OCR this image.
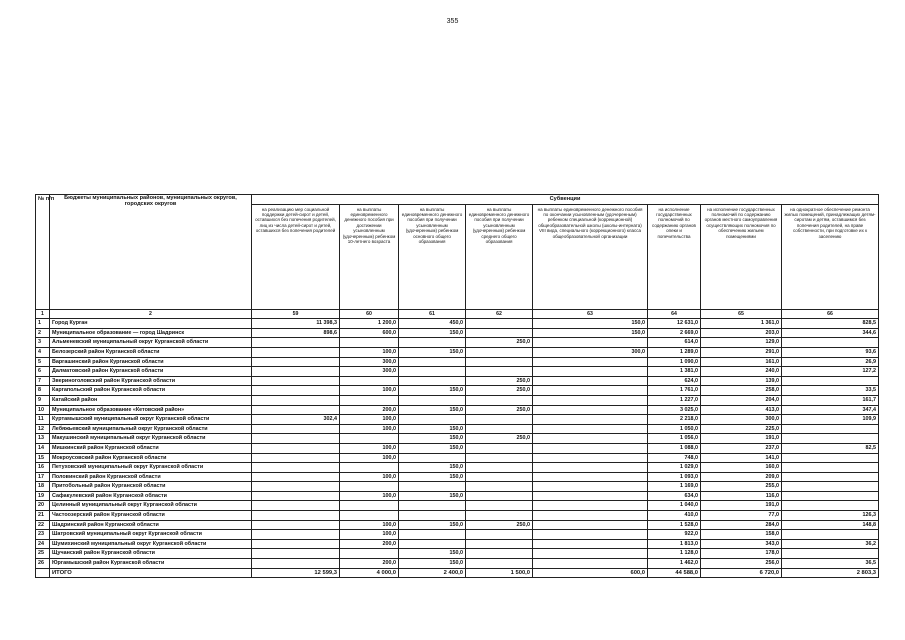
355
№ п/п	Бюджеты муниципальных районов, муниципальных округов, городских округов	Субвенции							
		на реализацию мер социальной поддержки детей-сирот и детей, оставшихся без попечения родителей, лиц из числа детей-сирот и детей, оставшихся без попечения родителей	на выплаты единовременного денежного пособия при достижении усыновленным (удочеренным) ребенком 10-летнего возраста	на выплаты единовременного денежного пособия при получении усыновленным (удочеренным) ребенком основного общего образования	на выплаты единовременного денежного пособия при получении усыновленным (удочеренным) ребенком среднего общего образования	на выплаты единовременного денежного пособия по окончании усыновленным (удочеренным) ребенком специальной (коррекционной) общеобразовательной школы (школы-интерната) VIII вида, специального (коррекционного) класса общеобразовательной организации	на исполнение государственных полномочий по содержанию органов опеки и попечительства	на исполнение государственных полномочий по содержанию органов местного самоуправления осуществляющих полномочия по обеспечению жильем помещениями	на однократное обеспечение ремонта жилых помещений, принадлежащих детям-сиротам и детям, оставшимся без попечения родителей, на праве собственности, при подготовке их к заселению
1	2	59	60	61	62	63	64	65	66
1	Город Курган	11 398,3	1 200,0	450,0		150,0	12 631,0	1 361,0	828,5
2	Муниципальное образование — город Шадринск	898,6	600,0	150,0		150,0	2 669,0	203,0	344,6
3	Альменевский муниципальный округ Курганской области				250,0		614,0	129,0	
4	Белозерский район Курганской области		100,0	150,0		300,0	1 289,0	291,0	93,6
5	Варгашинский район Курганской области		300,0				1 090,0	161,0	26,9
6	Далматовский район Курганской области		300,0				1 381,0	240,0	127,2
7	Звериноголовский район Курганской области				250,0		624,0	139,0	
8	Каргапольский район Курганской области		100,0	150,0	250,0		1 761,0	258,0	33,5
9	Катайский район						1 227,0	204,0	161,7
10	Муниципальное образование «Кетовский район»		200,0	150,0	250,0		3 025,0	413,0	347,4
11	Куртамышский муниципальный округ Курганской области	302,4	100,0				2 218,0	300,0	109,9
12	Лебяжьевский муниципальный округ Курганской области		100,0	150,0			1 050,0	225,0	
13	Макушинский муниципальный округ Курганской области			150,0	250,0		1 056,0	191,0	
14	Мишкинский район Курганской области		100,0	150,0			1 088,0	237,0	82,5
15	Мокроусовский район Курганской области		100,0				748,0	141,0	
16	Петуховский муниципальный округ Курганской области			150,0			1 029,0	160,0	
17	Половинский район Курганской области		100,0	150,0			1 093,0	209,0	
18	Притобольный район Курганской области						1 169,0	255,0	
19	Сафакулевский район Курганской области		100,0	150,0			634,0	116,0	
20	Целинный муниципальный округ Курганской области						1 040,0	191,0	
21	Частоозерский район Курганской области						410,0	77,0	126,3
22	Шадринский район Курганской области		100,0	150,0	250,0		1 528,0	284,0	148,8
23	Шатровский муниципальный округ Курганской области		100,0				922,0	158,0	
24	Шумихинский муниципальный округ Курганской области		200,0				1 813,0	343,0	36,2
25	Щучанский район Курганской области			150,0			1 128,0	178,0	
26	Юргамышский район Курганской области		200,0	150,0			1 462,0	256,0	36,5
	ИТОГО	12 599,3	4 000,0	2 400,0	1 500,0	600,0	44 588,0	6 720,0	2 803,3
